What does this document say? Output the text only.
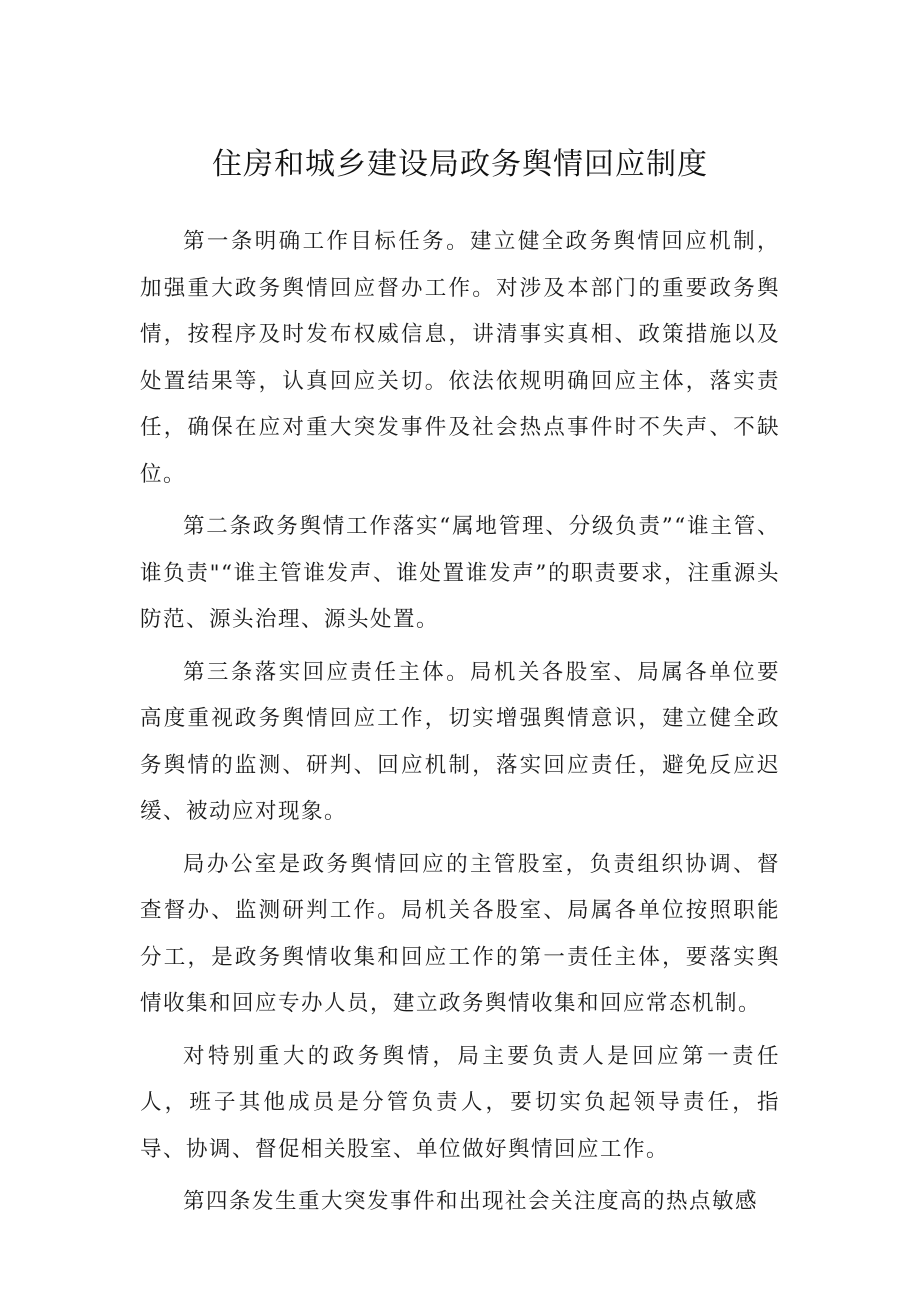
住房和城乡建设局政务舆情回应制度

第一条明确工作目标任务。建立健全政务舆情回应机制，加强重大政务舆情回应督办工作。对涉及本部门的重要政务舆情，按程序及时发布权威信息，讲清事实真相、政策措施以及处置结果等，认真回应关切。依法依规明确回应主体，落实责任，确保在应对重大突发事件及社会热点事件时不失声、不缺位。

第二条政务舆情工作落实“属地管理、分级负责”“谁主管、谁负责"“谁主管谁发声、谁处置谁发声”的职责要求，注重源头防范、源头治理、源头处置。

第三条落实回应责任主体。局机关各股室、局属各单位要高度重视政务舆情回应工作，切实增强舆情意识，建立健全政务舆情的监测、研判、回应机制，落实回应责任，避免反应迟缓、被动应对现象。

局办公室是政务舆情回应的主管股室，负责组织协调、督查督办、监测研判工作。局机关各股室、局属各单位按照职能分工，是政务舆情收集和回应工作的第一责任主体，要落实舆情收集和回应专办人员，建立政务舆情收集和回应常态机制。

对特别重大的政务舆情，局主要负责人是回应第一责任人，班子其他成员是分管负责人，要切实负起领导责任，指导、协调、督促相关股室、单位做好舆情回应工作。

第四条发生重大突发事件和出现社会关注度高的热点敏感
